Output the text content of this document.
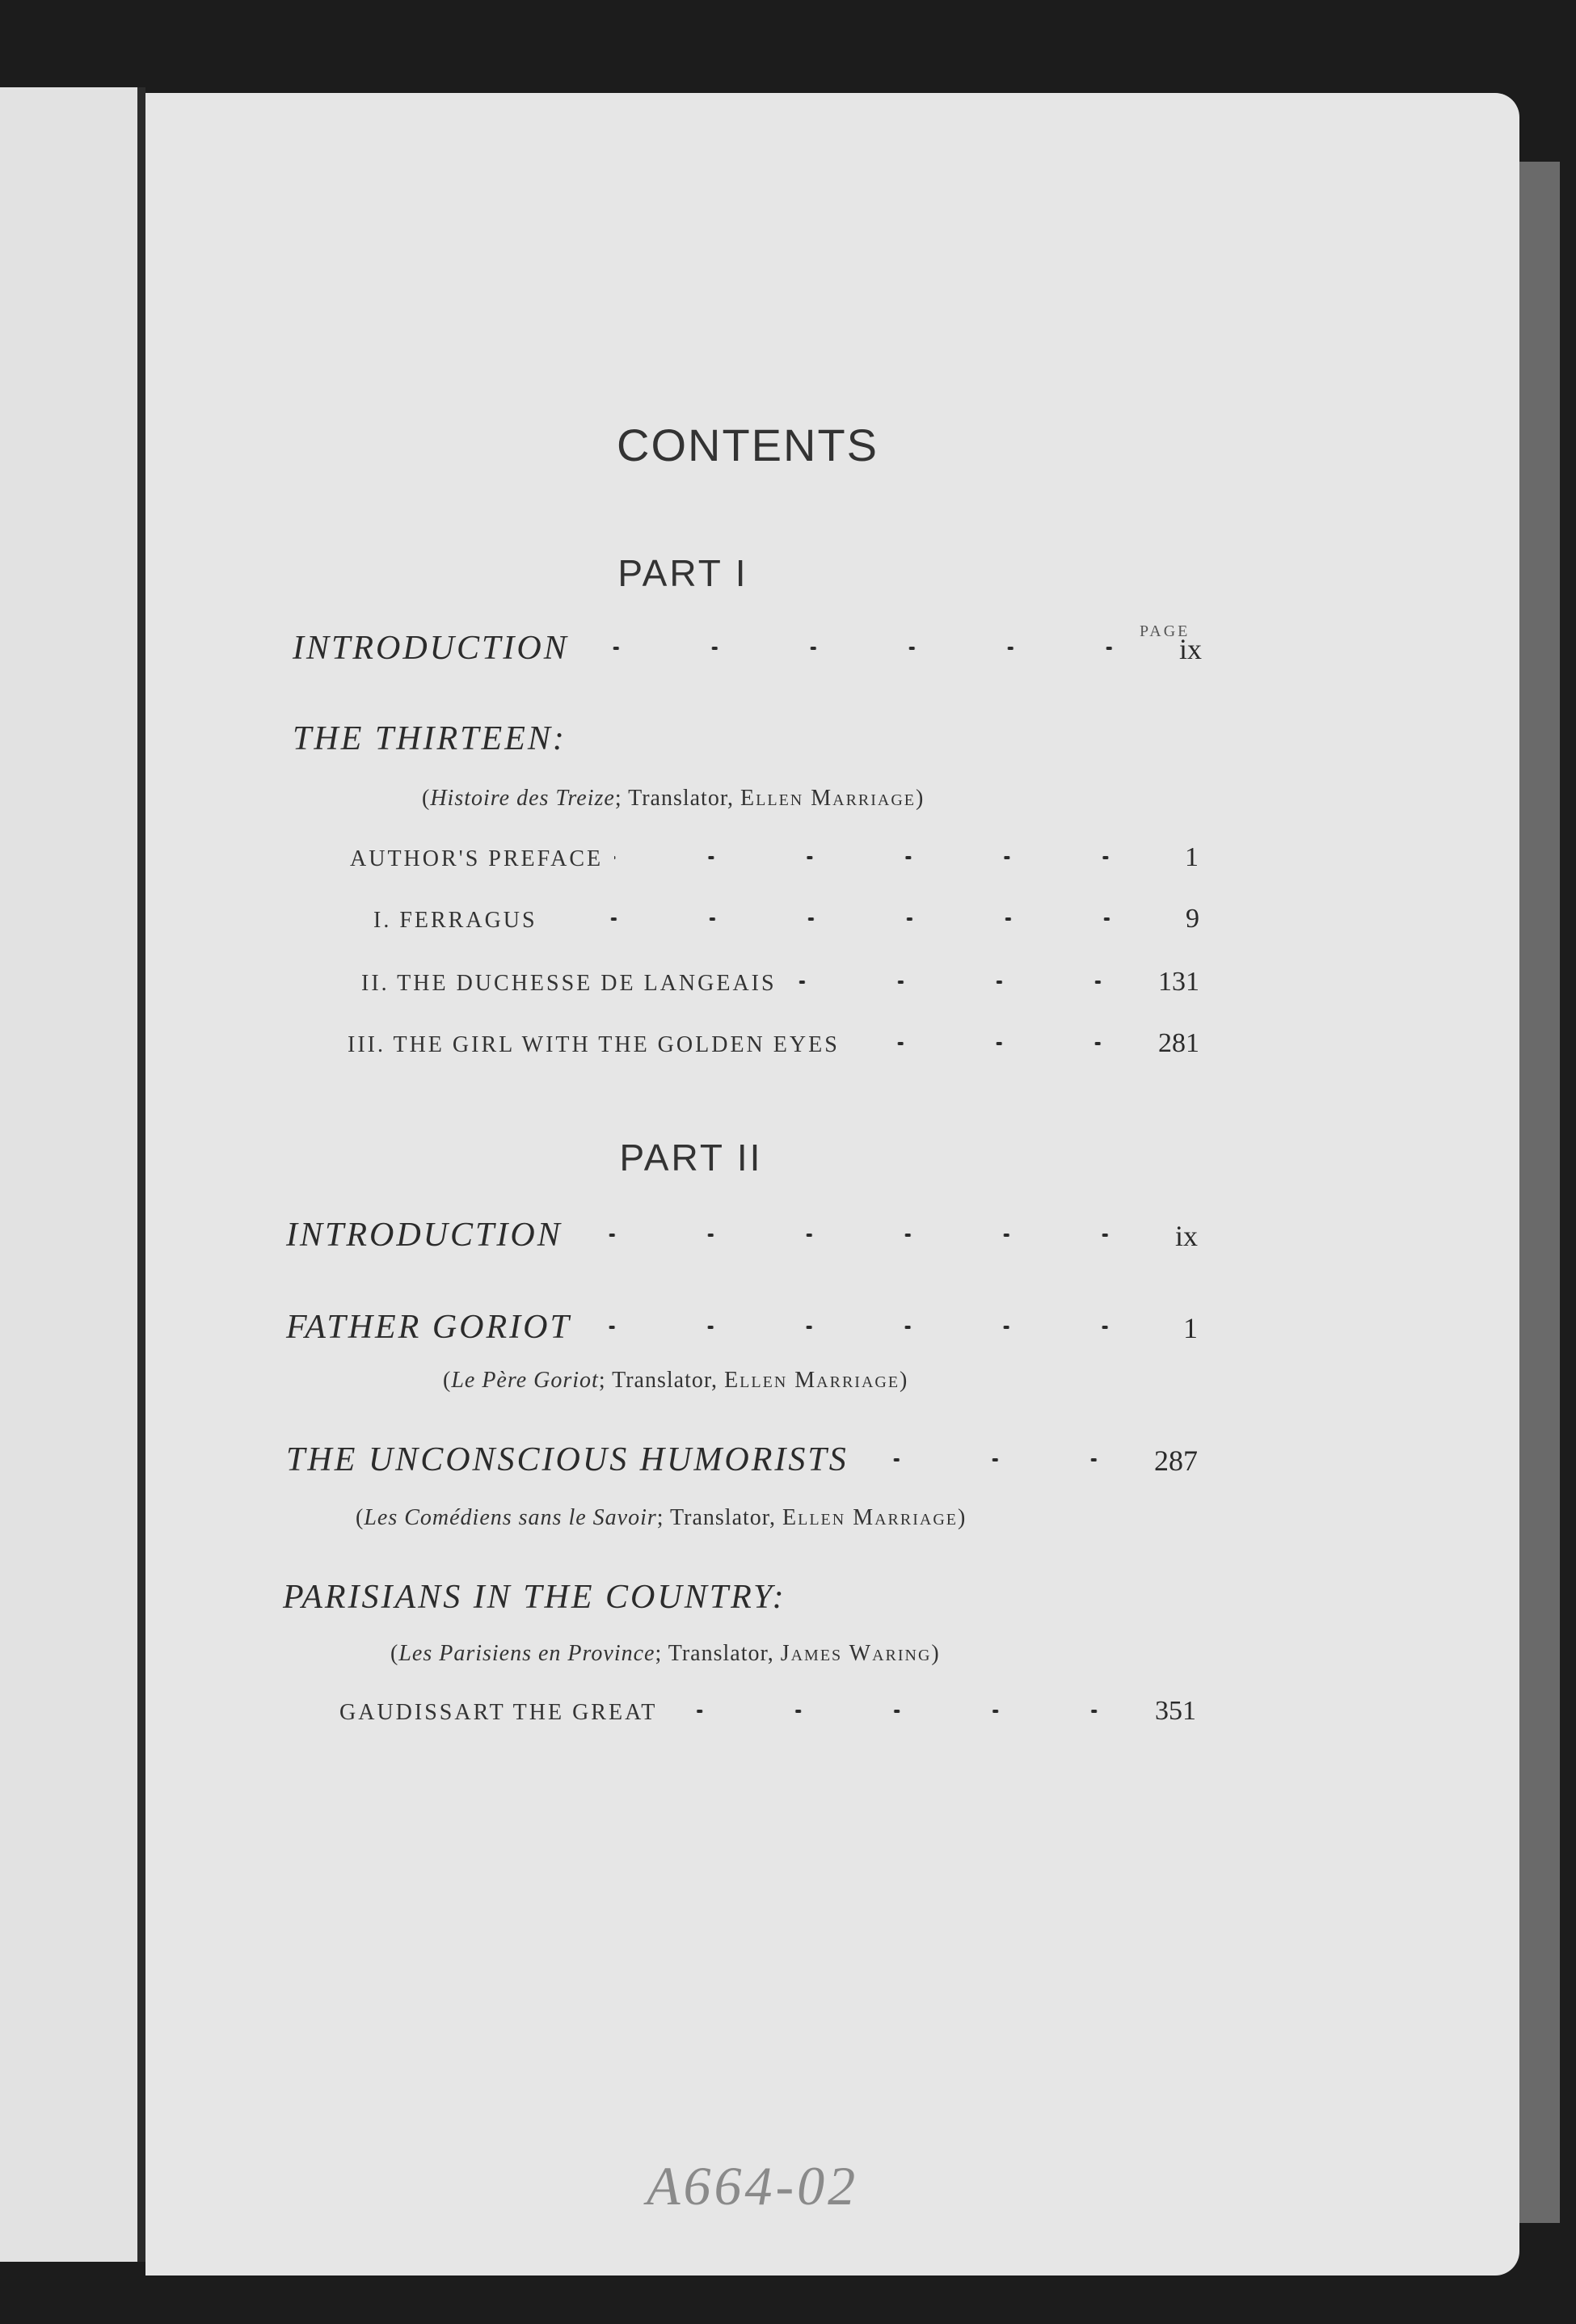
CONTENTS
PART I
PAGE
INTRODUCTION	ix
THE THIRTEEN:
(Histoire des Treize; Translator, Ellen Marriage)
AUTHOR'S PREFACE	1
I. FERRAGUS	9
II. THE DUCHESSE DE LANGEAIS	131
III. THE GIRL WITH THE GOLDEN EYES	281
PART II
INTRODUCTION	ix
FATHER GORIOT	1
(Le Père Goriot; Translator, Ellen Marriage)
THE UNCONSCIOUS HUMORISTS	287
(Les Comédiens sans le Savoir; Translator, Ellen Marriage)
PARISIANS IN THE COUNTRY:
(Les Parisiens en Province; Translator, James Waring)
GAUDISSART THE GREAT	351
A664-02
